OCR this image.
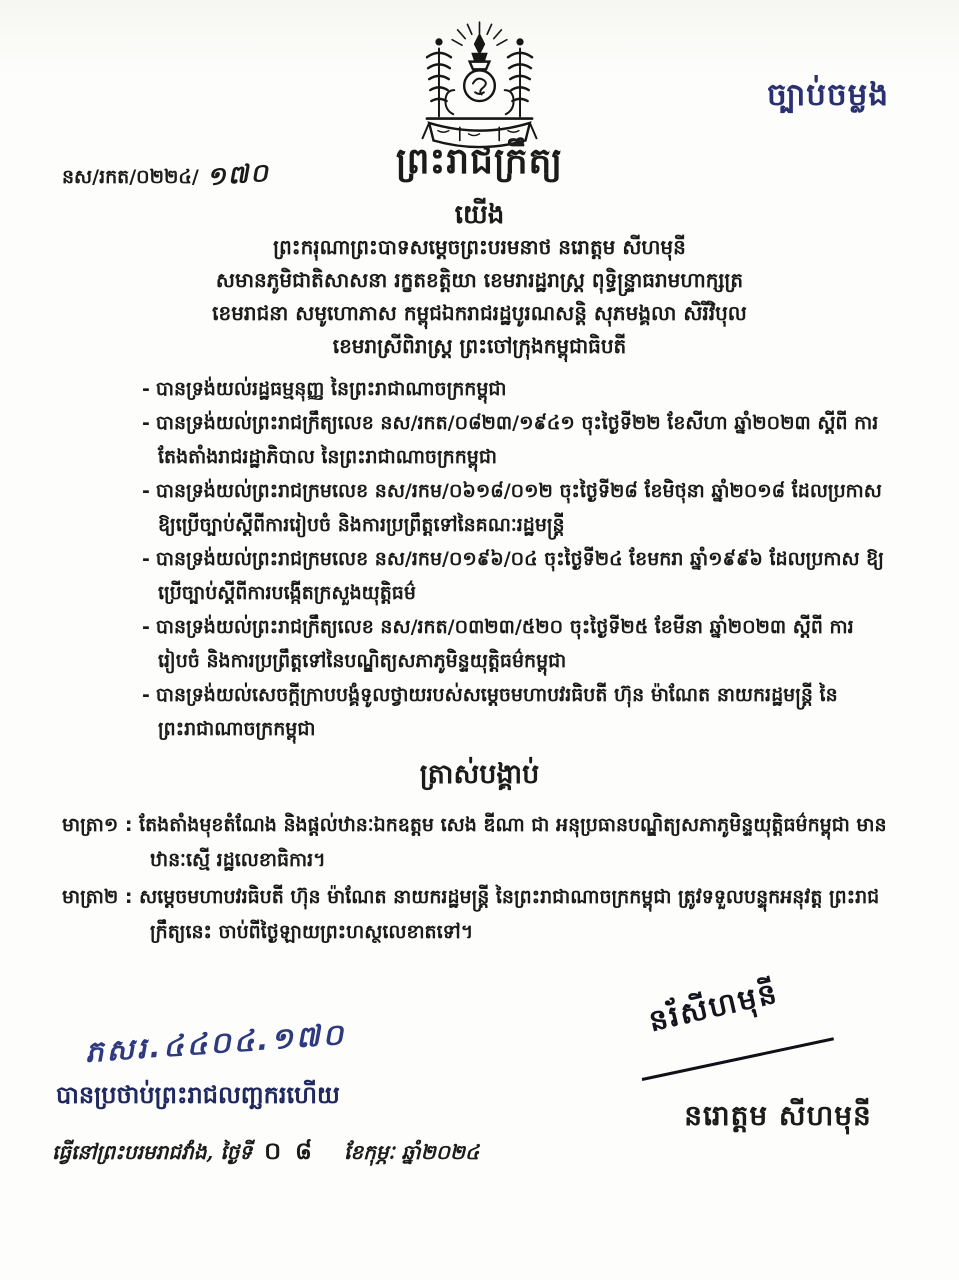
ច្បាប់ចម្លង
នស/រកត/០២២៤/ ១៧០	ព្រះរាជក្រឹត្យ
យើង
ព្រះករុណាព្រះបាទសម្តេចព្រះបរមនាថ នរោត្តម សីហមុនី
សមានភូមិជាតិសាសនា រក្ខតខត្តិយា ខេមរារដ្ឋរាស្ត្រ ពុទ្ធិន្ទ្រាធរាមហាក្សត្រ
ខេមរាជនា សមូហោភាស កម្ពុជឯករាជរដ្ឋបូរណសន្តិ សុភមង្គលា សិរីវិបុល
ខេមរាស្រីពិរាស្ត្រ ព្រះចៅក្រុងកម្ពុជាធិបតី
- បានទ្រង់យល់រដ្ឋធម្មនុញ្ញ នៃព្រះរាជាណាចក្រកម្ពុជា
- បានទ្រង់យល់ព្រះរាជក្រឹត្យលេខ នស/រកត/០៨២៣/១៩៤១ ចុះថ្ងៃទី២២ ខែសីហា ឆ្នាំ២០២៣ ស្តីពី ការតែងតាំងរាជរដ្ឋាភិបាល នៃព្រះរាជាណាចក្រកម្ពុជា
- បានទ្រង់យល់ព្រះរាជក្រមលេខ នស/រកម/០៦១៨/០១២ ចុះថ្ងៃទី២៨ ខែមិថុនា ឆ្នាំ២០១៨ ដែលប្រកាស ឱ្យប្រើច្បាប់ស្តីពីការរៀបចំ និងការប្រព្រឹត្តទៅនៃគណៈរដ្ឋមន្ត្រី
- បានទ្រង់យល់ព្រះរាជក្រមលេខ នស/រកម/០១៩៦/០៤ ចុះថ្ងៃទី២៤ ខែមករា ឆ្នាំ១៩៩៦ ដែលប្រកាស ឱ្យប្រើច្បាប់ស្តីពីការបង្កើតក្រសួងយុត្តិធម៌
- បានទ្រង់យល់ព្រះរាជក្រឹត្យលេខ នស/រកត/០៣២៣/៥២០ ចុះថ្ងៃទី២៥ ខែមីនា ឆ្នាំ២០២៣ ស្តីពី ការរៀបចំ និងការប្រព្រឹត្តទៅនៃបណ្ឌិត្យសភាភូមិន្ទយុត្តិធម៌កម្ពុជា
- បានទ្រង់យល់សេចក្តីក្រាបបង្គំទូលថ្វាយរបស់សម្តេចមហាបវរធិបតី ហ៊ុន ម៉ាណែត នាយករដ្ឋមន្ត្រី នៃព្រះរាជាណាចក្រកម្ពុជា
ត្រាស់បង្គាប់
មាត្រា១ : តែងតាំងមុខតំណែង និងផ្តល់ឋានៈឯកឧត្តម សេង ឌីណា ជា អនុប្រធានបណ្ឌិត្យសភាភូមិន្ទយុត្តិធម៌កម្ពុជា មានឋានៈស្មើ រដ្ឋលេខាធិការ។
មាត្រា២ : សម្តេចមហាបវរធិបតី ហ៊ុន ម៉ាណែត នាយករដ្ឋមន្ត្រី នៃព្រះរាជាណាចក្រកម្ពុជា ត្រូវទទួលបន្ទុកអនុវត្ត ព្រះរាជក្រឹត្យនេះ ចាប់ពីថ្ងៃឡាយព្រះហស្ថលេខាតទៅ។
ភសរ.៤៤០៤.១៧០
បានប្រថាប់ព្រះរាជលញ្ឆករហើយ
ធ្វើនៅព្រះបរមរាជវាំង, ថ្ងៃទី ០៨ ខែកុម្ភៈ ឆ្នាំ២០២៤
នរ័សីហមុនី
នរោត្តម សីហមុនី
